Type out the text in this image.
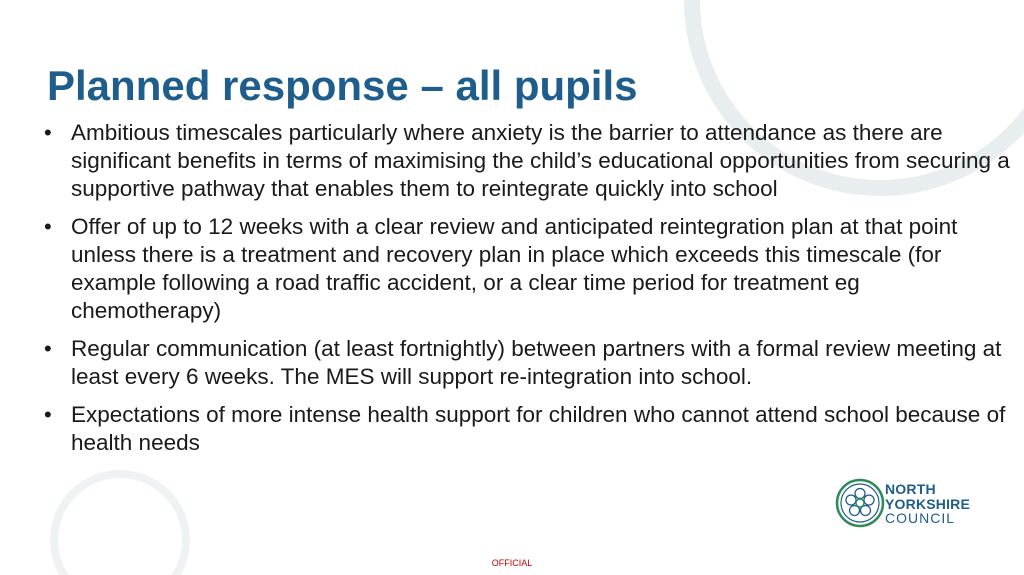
Planned response – all pupils
• Ambitious timescales particularly where anxiety is the barrier to attendance as there are significant benefits in terms of maximising the child’s educational opportunities from securing a supportive pathway that enables them to reintegrate quickly into school
• Offer of up to 12 weeks with a clear review and anticipated reintegration plan at that point unless there is a treatment and recovery plan in place which exceeds this timescale (for example following a road traffic accident, or a clear time period for treatment eg chemotherapy)
• Regular communication (at least fortnightly) between partners with a formal review meeting at least every 6 weeks. The MES will support re-integration into school.
• Expectations of more intense health support for children who cannot attend school because of health needs
NORTH
YORKSHIRE
COUNCIL
OFFICIAL
